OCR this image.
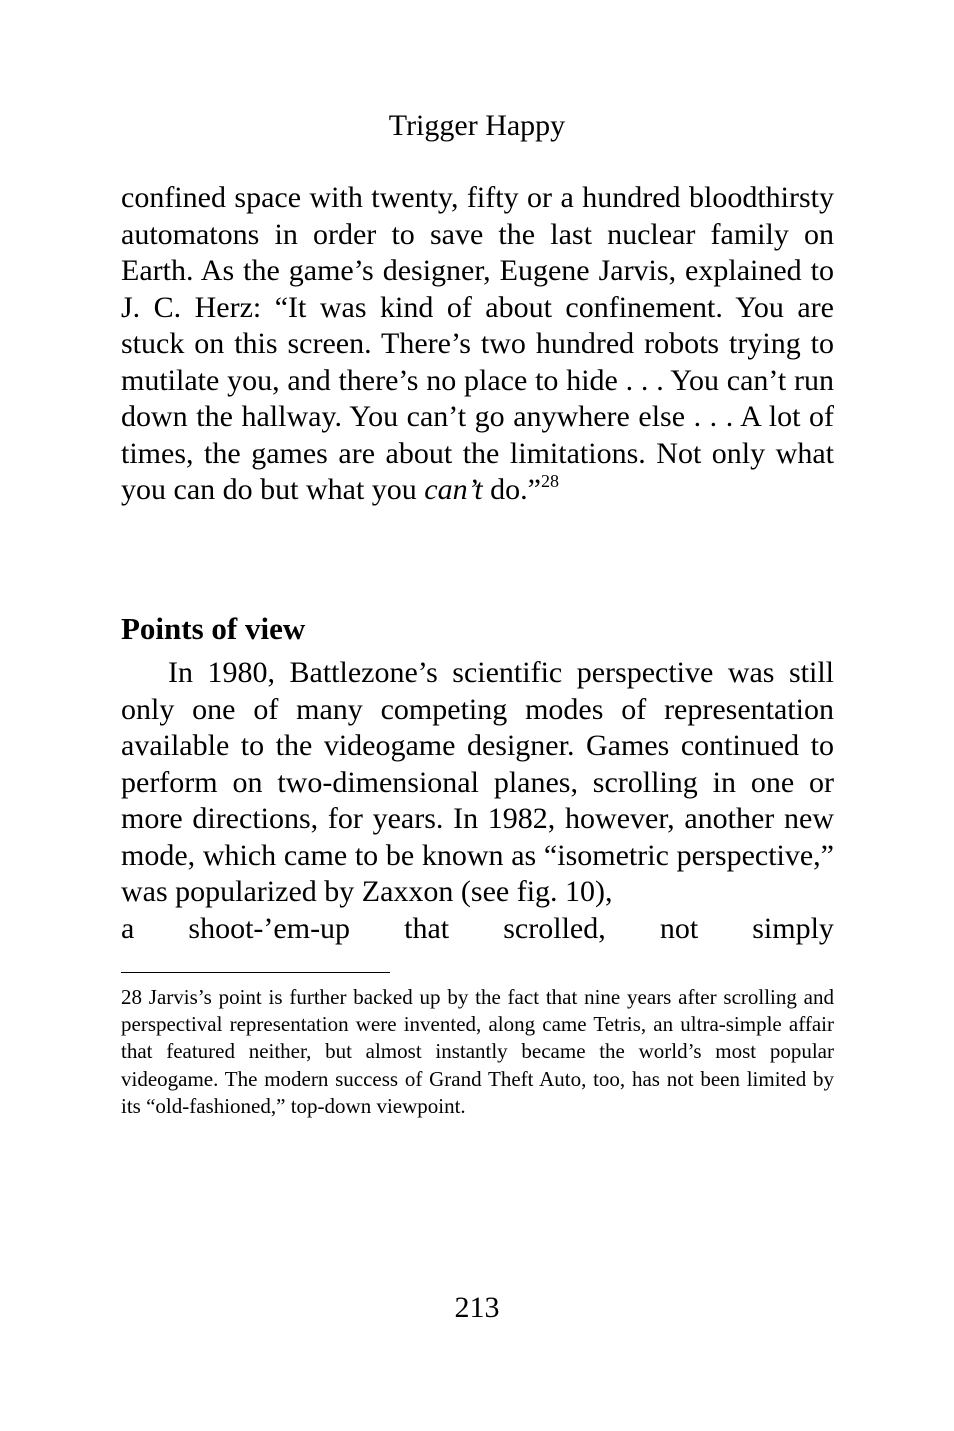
Trigger Happy

confined space with twenty, fifty or a hundred bloodthirsty automatons in order to save the last nuclear family on Earth. As the game’s designer, Eugene Jarvis, explained to J. C. Herz: “It was kind of about confinement. You are stuck on this screen. There’s two hundred robots trying to mutilate you, and there’s no place to hide . . . You can’t run down the hallway. You can’t go anywhere else . . . A lot of times, the games are about the limitations. Not only what you can do but what you can’t do.”$^{28}$

Points of view
In 1980, Battlezone’s scientific perspective was still only one of many competing modes of representation available to the videogame designer. Games continued to perform on two-dimensional planes, scrolling in one or more directions, for years. In 1982, however, another new mode, which came to be known as “isometric perspective,” was popularized by Zaxxon (see fig. 10),
a shoot-’em-up that scrolled, not simply

28 Jarvis’s point is further backed up by the fact that nine years after scrolling and perspectival representation were invented, along came Tetris, an ultra-simple affair that featured neither, but almost instantly became the world’s most popular videogame. The modern success of Grand Theft Auto, too, has not been limited by its “old-fashioned,” top-down viewpoint.

213
